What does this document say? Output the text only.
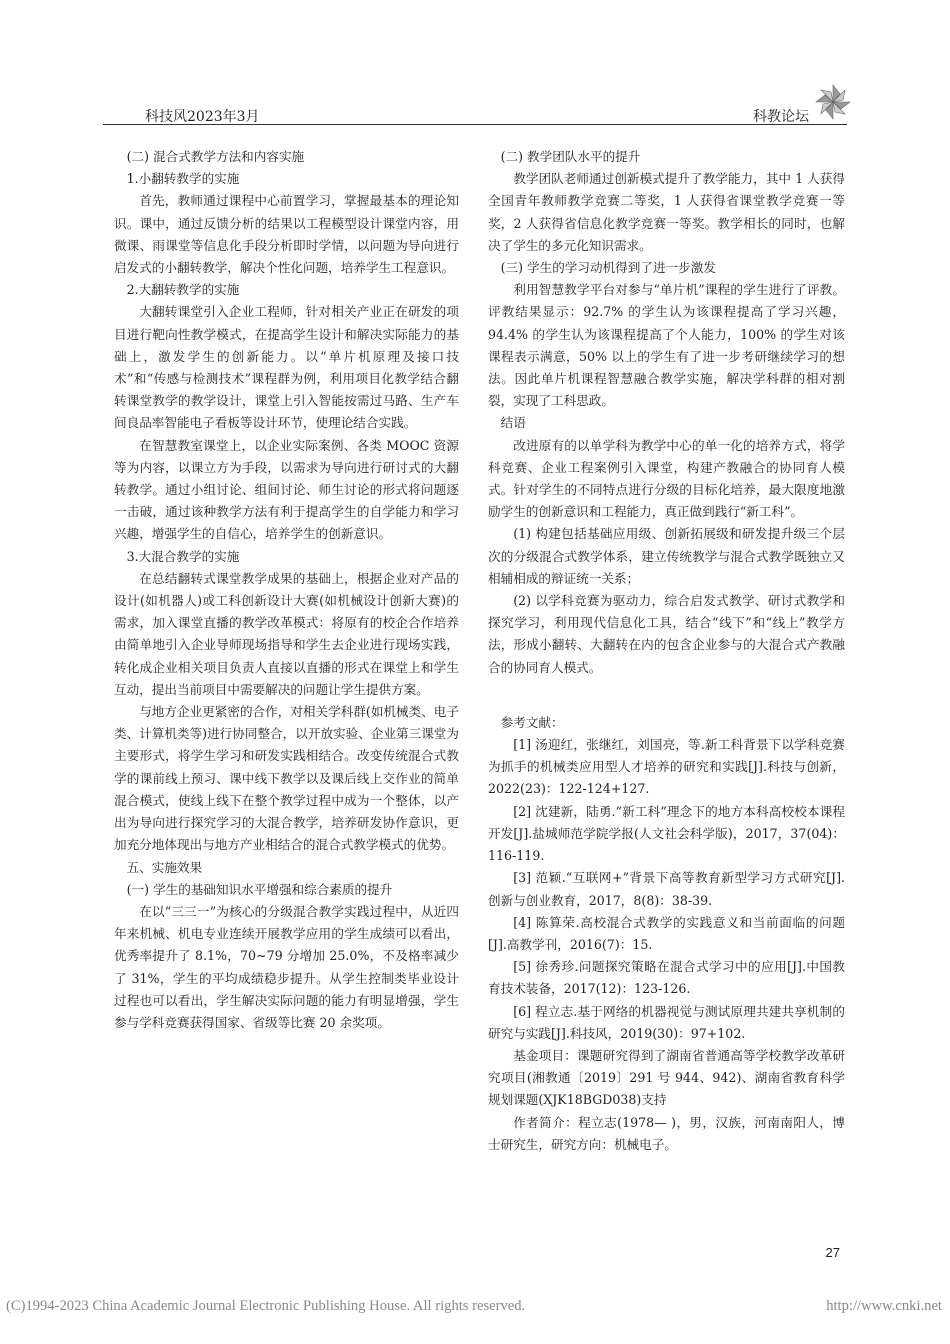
科技风2023年3月	科教论坛

(二) 混合式教学方法和内容实施

1.小翻转教学的实施

首先，教师通过课程中心前置学习，掌握最基本的理论知识。课中，通过反馈分析的结果以工程模型设计课堂内容，用微课、雨课堂等信息化手段分析即时学情，以问题为导向进行启发式的小翻转教学，解决个性化问题，培养学生工程意识。

2.大翻转教学的实施

大翻转课堂引入企业工程师，针对相关产业正在研发的项目进行靶向性教学模式，在提高学生设计和解决实际能力的基础上，激发学生的创新能力。以“单片机原理及接口技术”和“传感与检测技术”课程群为例，利用项目化教学结合翻转课堂教学的教学设计，课堂上引入智能按需过马路、生产车间良品率智能电子看板等设计环节，使理论结合实践。

在智慧教室课堂上，以企业实际案例、各类 MOOC 资源等为内容，以课立方为手段，以需求为导向进行研讨式的大翻转教学。通过小组讨论、组间讨论、师生讨论的形式将问题逐一击破，通过该种教学方法有利于提高学生的自学能力和学习兴趣，增强学生的自信心，培养学生的创新意识。

3.大混合教学的实施

在总结翻转式课堂教学成果的基础上，根据企业对产品的设计(如机器人)或工科创新设计大赛(如机械设计创新大赛)的需求，加入课堂直播的教学改革模式：将原有的校企合作培养由简单地引入企业导师现场指导和学生去企业进行现场实践，转化成企业相关项目负责人直接以直播的形式在课堂上和学生互动，提出当前项目中需要解决的问题让学生提供方案。

与地方企业更紧密的合作，对相关学科群(如机械类、电子类、计算机类等)进行协同整合，以开放实验、企业第三课堂为主要形式，将学生学习和研发实践相结合。改变传统混合式教学的课前线上预习、课中线下教学以及课后线上交作业的简单混合模式，使线上线下在整个教学过程中成为一个整体，以产出为导向进行探究学习的大混合教学，培养研发协作意识，更加充分地体现出与地方产业相结合的混合式教学模式的优势。

五、实施效果

(一) 学生的基础知识水平增强和综合素质的提升

在以“三三一”为核心的分级混合教学实践过程中，从近四年来机械、机电专业连续开展教学应用的学生成绩可以看出，优秀率提升了 8.1%，70~79 分增加 25.0%，不及格率减少了 31%，学生的平均成绩稳步提升。从学生控制类毕业设计过程也可以看出，学生解决实际问题的能力有明显增强，学生参与学科竞赛获得国家、省级等比赛 20 余奖项。

(二) 教学团队水平的提升

教学团队老师通过创新模式提升了教学能力，其中 1 人获得全国青年教师教学竞赛二等奖，1 人获得省课堂教学竞赛一等奖，2 人获得省信息化教学竞赛一等奖。教学相长的同时，也解决了学生的多元化知识需求。

(三) 学生的学习动机得到了进一步激发

利用智慧教学平台对参与“单片机”课程的学生进行了评教。评教结果显示：92.7% 的学生认为该课程提高了学习兴趣，94.4% 的学生认为该课程提高了个人能力，100% 的学生对该课程表示满意，50% 以上的学生有了进一步考研继续学习的想法。因此单片机课程智慧融合教学实施，解决学科群的相对割裂，实现了工科思政。

结语

改进原有的以单学科为教学中心的单一化的培养方式，将学科竞赛、企业工程案例引入课堂，构建产教融合的协同育人模式。针对学生的不同特点进行分级的目标化培养，最大限度地激励学生的创新意识和工程能力，真正做到践行“新工科”。

(1) 构建包括基础应用级、创新拓展级和研发提升级三个层次的分级混合式教学体系，建立传统教学与混合式教学既独立又相辅相成的辩证统一关系；

(2) 以学科竞赛为驱动力，综合启发式教学、研讨式教学和探究学习，利用现代信息化工具，结合“线下”和“线上”教学方法，形成小翻转、大翻转在内的包含企业参与的大混合式产教融合的协同育人模式。

参考文献：

[1] 汤迎红，张继红，刘国亮，等.新工科背景下以学科竞赛为抓手的机械类应用型人才培养的研究和实践[J].科技与创新，2022(23)：122-124+127.

[2] 沈建新，陆勇.“新工科”理念下的地方本科高校校本课程开发[J].盐城师范学院学报(人文社会科学版)，2017，37(04)：116-119.

[3] 范颖.“互联网+”背景下高等教育新型学习方式研究[J].创新与创业教育，2017，8(8)：38-39.

[4] 陈算荣.高校混合式教学的实践意义和当前面临的问题[J].高教学刊，2016(7)：15.

[5] 徐秀珍.问题探究策略在混合式学习中的应用[J].中国教育技术装备，2017(12)：123-126.

[6] 程立志.基于网络的机器视觉与测试原理共建共享机制的研究与实践[J].科技风，2019(30)：97+102.

基金项目：课题研究得到了湖南省普通高等学校教学改革研究项目(湘教通〔2019〕291 号 944、942)、湖南省教育科学规划课题(XJK18BGD038)支持

作者简介：程立志(1978— )，男，汉族，河南南阳人，博士研究生，研究方向：机械电子。

27
(C)1994-2023 China Academic Journal Electronic Publishing House. All rights reserved.	http://www.cnki.net
